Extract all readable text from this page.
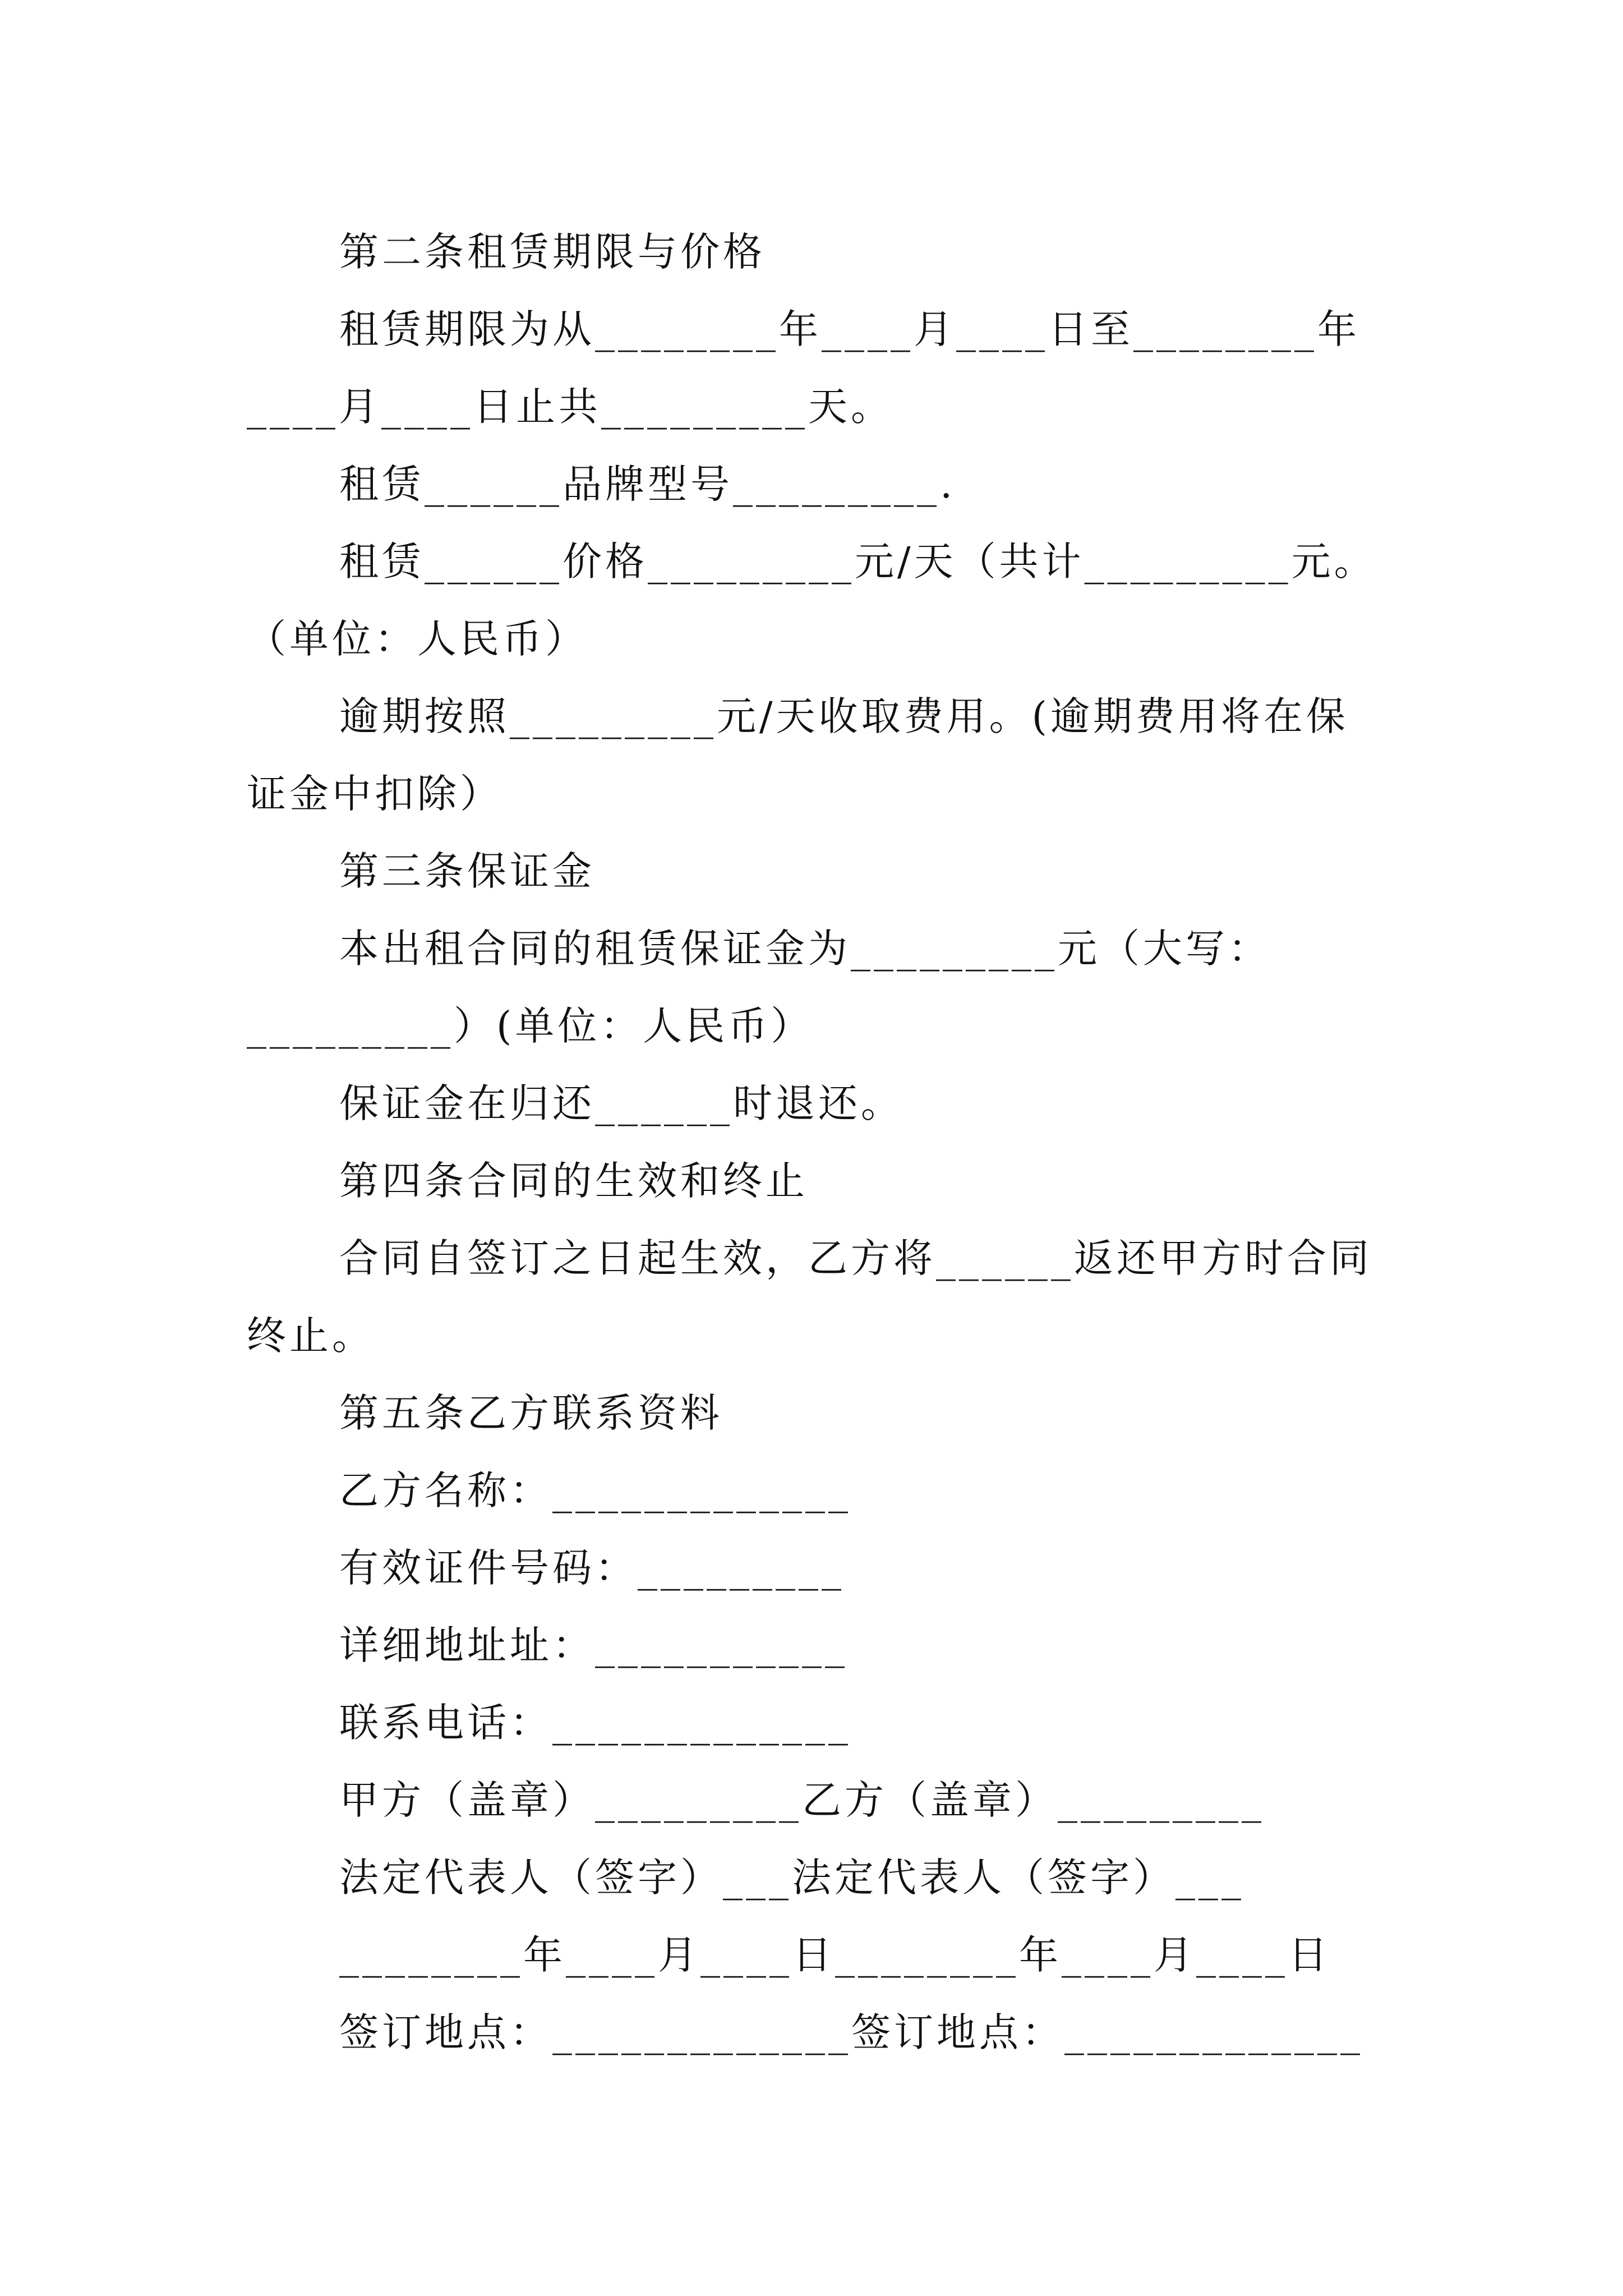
第二条租赁期限与价格
租赁期限为从________年____月____日至________年
____月____日止共_________天。
租赁______品牌型号_________.
租赁______价格_________元/天（共计_________元。
（单位：人民币）
逾期按照_________元/天收取费用。(逾期费用将在保
证金中扣除）
第三条保证金
本出租合同的租赁保证金为_________元（大写：
_________）(单位：人民币）
保证金在归还______时退还。
第四条合同的生效和终止
合同自签订之日起生效，乙方将______返还甲方时合同
终止。
第五条乙方联系资料
乙方名称：_____________
有效证件号码：_________
详细地址址：___________
联系电话：_____________
甲方（盖章）_________乙方（盖章）_________
法定代表人（签字）___法定代表人（签字）___
________年____月____日________年____月____日
签订地点：_____________签订地点：_____________
